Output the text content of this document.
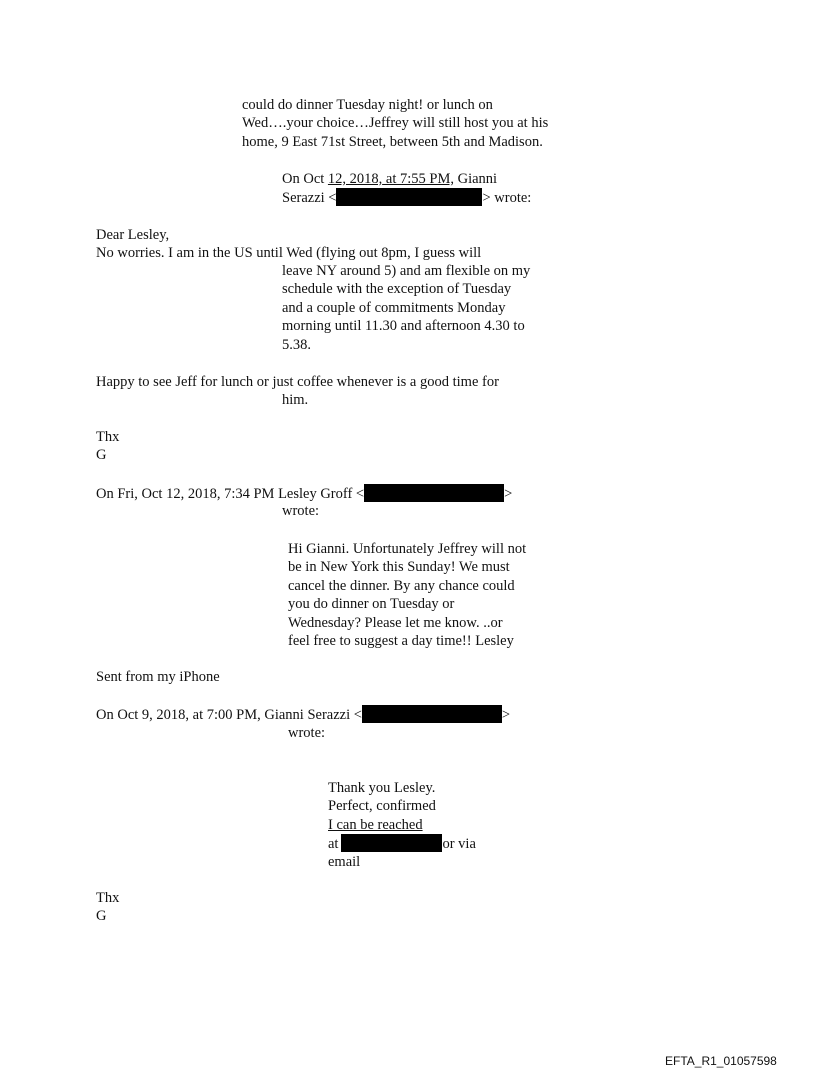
could do dinner Tuesday night! or lunch on
Wed….your choice…Jeffrey will still host you at his
home, 9 East 71st Street, between 5th and Madison.
On Oct 12, 2018, at 7:55 PM, Gianni
Serazzi <	> wrote:
Dear Lesley,
No worries. I am in the US until Wed (flying out 8pm, I guess will
leave NY around 5) and am flexible on my
schedule with the exception of Tuesday
and a couple of commitments Monday
morning until 11.30 and afternoon 4.30 to
5.38.
Happy to see Jeff for lunch or just coffee whenever is a good time for
him.
Thx
G
On Fri, Oct 12, 2018, 7:34 PM Lesley Groff <	>
wrote:
Hi Gianni. Unfortunately Jeffrey will not
be in New York this Sunday! We must
cancel the dinner. By any chance could
you do dinner on Tuesday or
Wednesday? Please let me know. ..or
feel free to suggest a day time!! Lesley
Sent from my iPhone
On Oct 9, 2018, at 7:00 PM, Gianni Serazzi <	>
wrote:
Thank you Lesley.
Perfect, confirmed
I can be reached
at	or via
email
Thx
G
EFTA_R1_01057598
